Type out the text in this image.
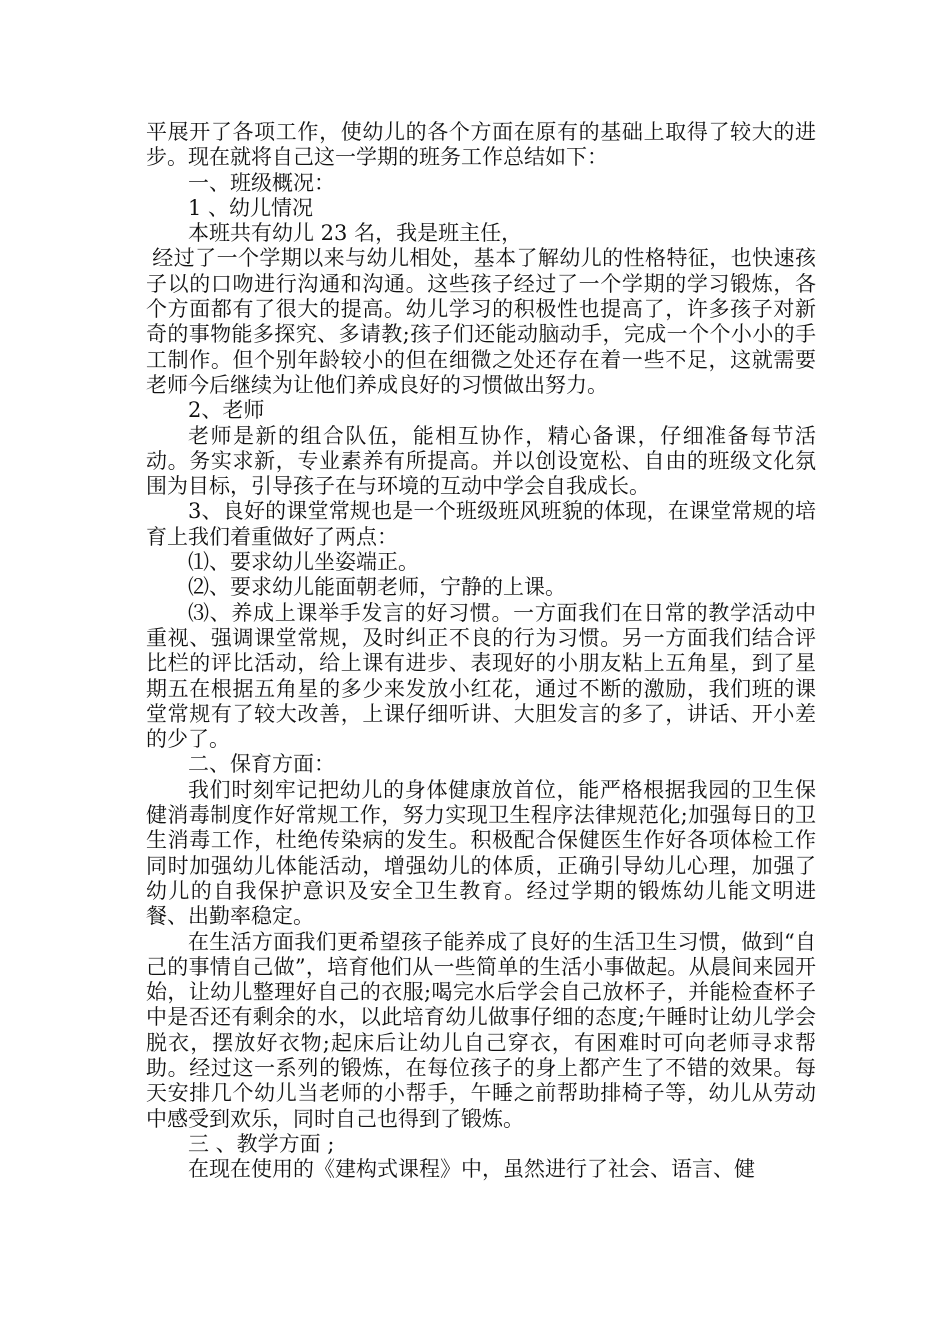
平展开了各项工作，使幼儿的各个方面在原有的基础上取得了较大的进步。现在就将自己这一学期的班务工作总结如下：

一、班级概况：

1 、幼儿情况

本班共有幼儿 23 名，我是班主任，

经过了一个学期以来与幼儿相处，基本了解幼儿的性格特征，也快速孩子以的口吻进行沟通和沟通。这些孩子经过了一个学期的学习锻炼，各个方面都有了很大的提高。幼儿学习的积极性也提高了，许多孩子对新奇的事物能多探究、多请教;孩子们还能动脑动手，完成一个个小小的手工制作。但个别年龄较小的但在细微之处还存在着一些不足，这就需要老师今后继续为让他们养成良好的习惯做出努力。

2、老师

老师是新的组合队伍，能相互协作，精心备课，仔细准备每节活动。务实求新，专业素养有所提高。并以创设宽松、自由的班级文化氛围为目标，引导孩子在与环境的互动中学会自我成长。

3、良好的课堂常规也是一个班级班风班貌的体现，在课堂常规的培育上我们着重做好了两点：

⑴、要求幼儿坐姿端正。

⑵、要求幼儿能面朝老师，宁静的上课。

⑶、养成上课举手发言的好习惯。一方面我们在日常的教学活动中重视、强调课堂常规，及时纠正不良的行为习惯。另一方面我们结合评比栏的评比活动，给上课有进步、表现好的小朋友粘上五角星，到了星期五在根据五角星的多少来发放小红花，通过不断的激励，我们班的课堂常规有了较大改善，上课仔细听讲、大胆发言的多了，讲话、开小差的少了。

二、保育方面：

我们时刻牢记把幼儿的身体健康放首位，能严格根据我园的卫生保健消毒制度作好常规工作，努力实现卫生程序法律规范化;加强每日的卫生消毒工作，杜绝传染病的发生。积极配合保健医生作好各项体检工作同时加强幼儿体能活动，增强幼儿的体质，正确引导幼儿心理，加强了幼儿的自我保护意识及安全卫生教育。经过学期的锻炼幼儿能文明进餐、出勤率稳定。

在生活方面我们更希望孩子能养成了良好的生活卫生习惯，做到“自己的事情自己做”，培育他们从一些简单的生活小事做起。从晨间来园开始，让幼儿整理好自己的衣服;喝完水后学会自己放杯子，并能检查杯子中是否还有剩余的水，以此培育幼儿做事仔细的态度;午睡时让幼儿学会脱衣，摆放好衣物;起床后让幼儿自己穿衣，有困难时可向老师寻求帮助。经过这一系列的锻炼，在每位孩子的身上都产生了不错的效果。每天安排几个幼儿当老师的小帮手，午睡之前帮助排椅子等，幼儿从劳动中感受到欢乐，同时自己也得到了锻炼。

三 、教学方面 ;

在现在使用的《建构式课程》中，虽然进行了社会、语言、健
